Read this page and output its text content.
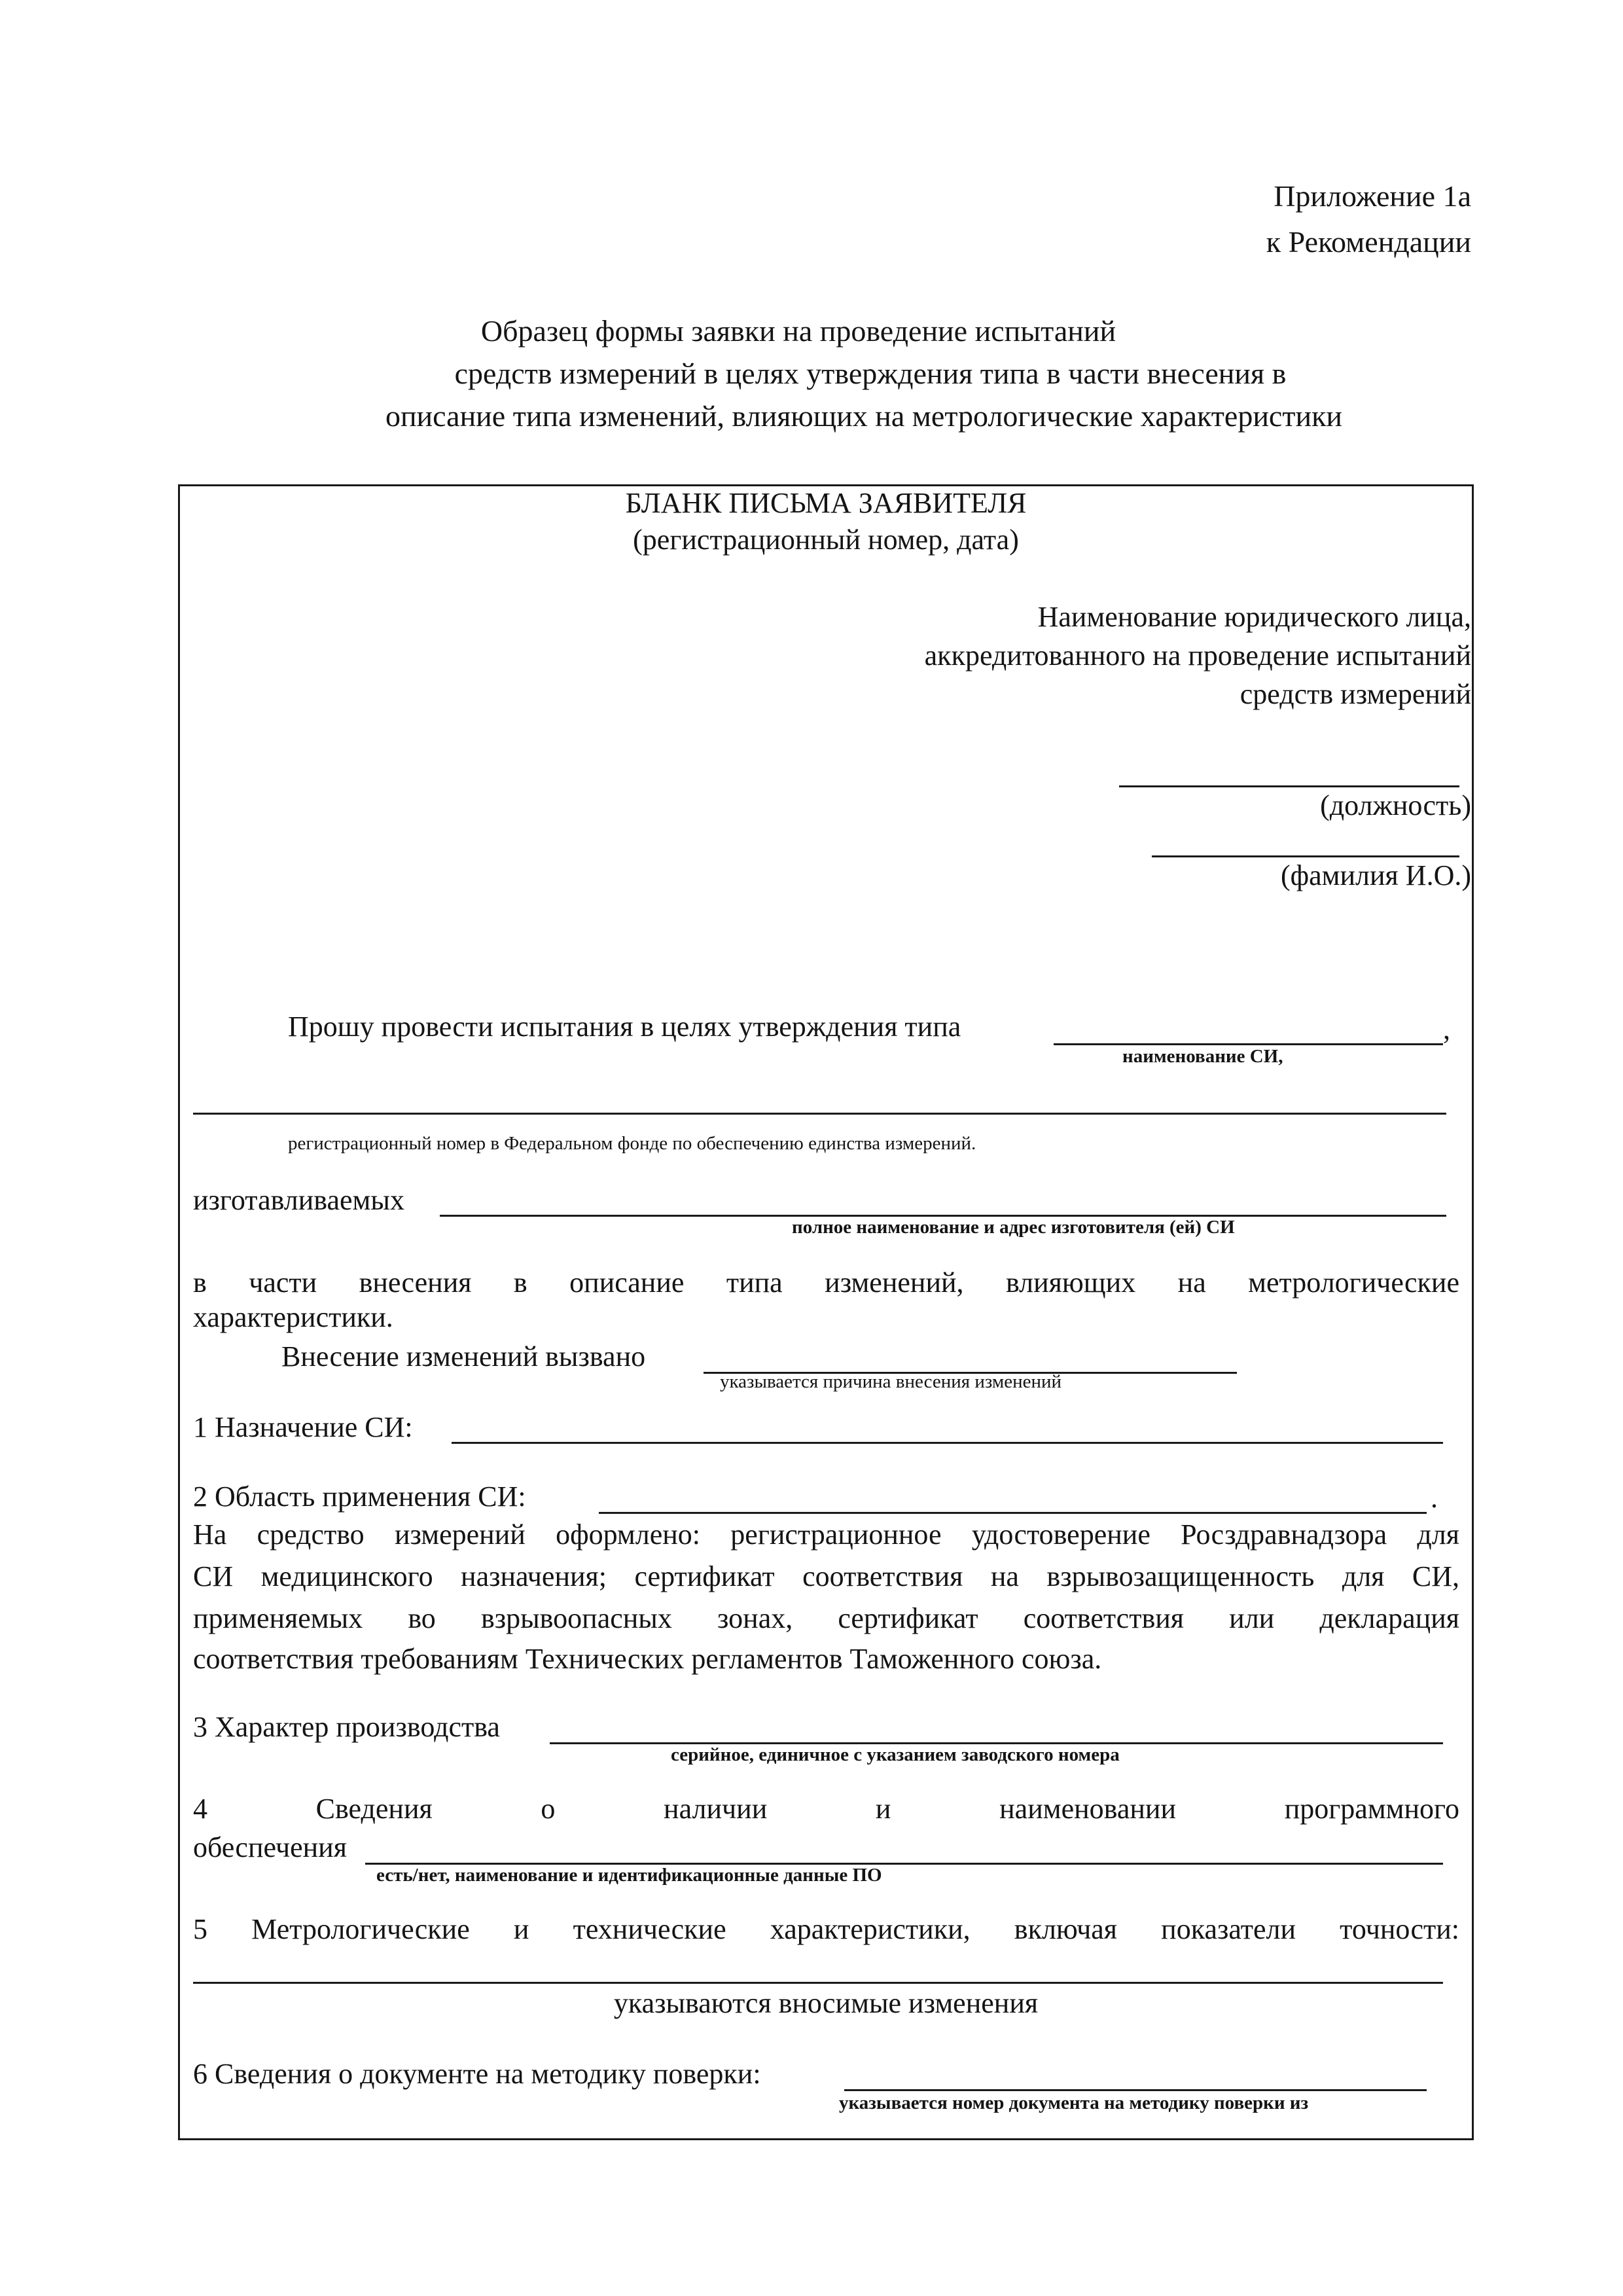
Приложение 1а
к Рекомендации
Образец формы заявки на проведение испытаний
средств измерений в целях утверждения типа в части внесения в
описание типа изменений, влияющих на метрологические характеристики
БЛАНК ПИСЬМА ЗАЯВИТЕЛЯ
(регистрационный номер, дата)
Наименование юридического лица,
аккредитованного на проведение испытаний
средств измерений
(должность)
(фамилия И.О.)
Прошу провести испытания в целях утверждения типа	,
наименование СИ,
регистрационный номер в Федеральном фонде по обеспечению единства измерений.
изготавливаемых
полное наименование и адрес изготовителя (ей) СИ
в части внесения в описание типа изменений, влияющих на метрологические
характеристики.
Внесение изменений вызвано
указывается причина внесения изменений
1 Назначение СИ:
2 Область применения СИ:	.
На средство измерений оформлено: регистрационное удостоверение Росздравнадзора для
СИ медицинского назначения; сертификат соответствия на взрывозащищенность для СИ,
применяемых во взрывоопасных зонах, сертификат соответствия или декларация
соответствия требованиям Технических регламентов Таможенного союза.
3 Характер производства
серийное, единичное с указанием заводского номера
4 Сведения о наличии и наименовании программного
обеспечения
есть/нет, наименование и идентификационные данные ПО
5 Метрологические и технические характеристики, включая показатели точности:
указываются вносимые изменения
6 Сведения о документе на методику поверки:
указывается номер документа на методику поверки из
